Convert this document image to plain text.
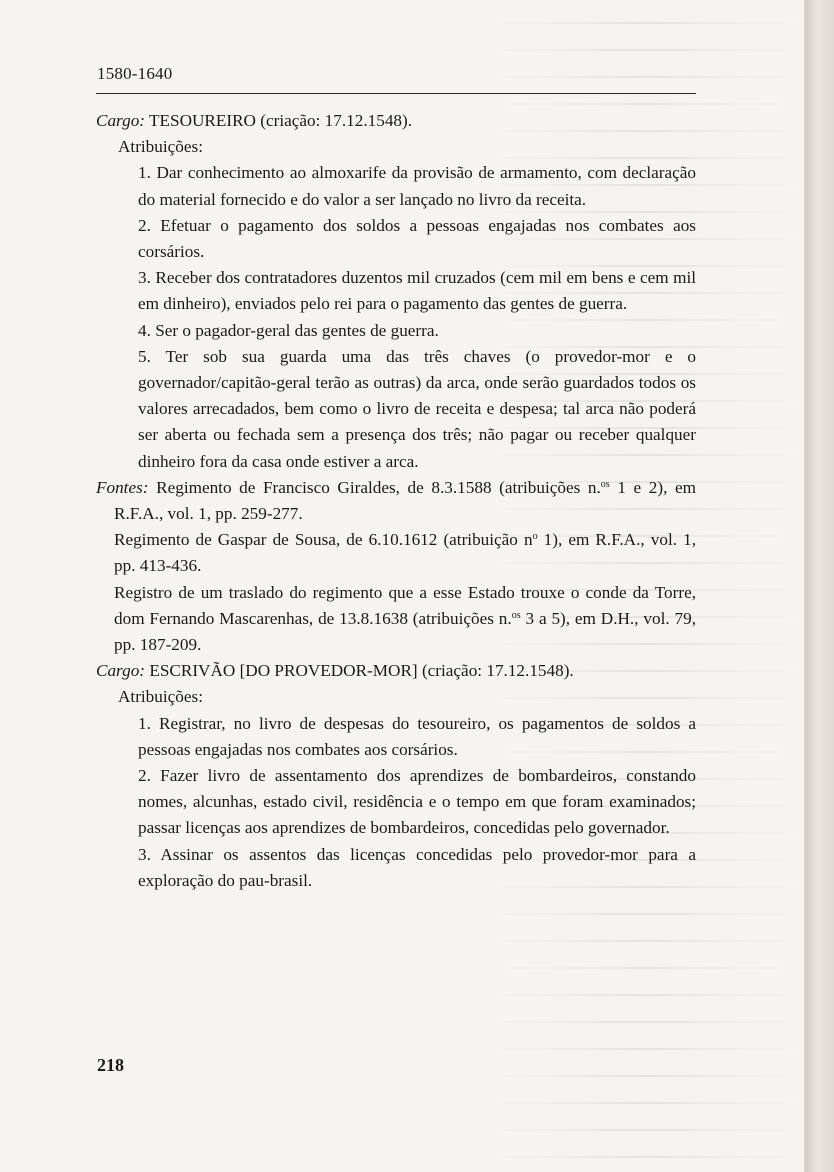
1580-1640

Cargo: TESOUREIRO (criação: 17.12.1548).

Atribuições:

1. Dar conhecimento ao almoxarife da provisão de armamento, com declaração do material fornecido e do valor a ser lançado no livro da receita.

2. Efetuar o pagamento dos soldos a pessoas engajadas nos combates aos corsários.

3. Receber dos contratadores duzentos mil cruzados (cem mil em bens e cem mil em dinheiro), enviados pelo rei para o pagamento das gentes de guerra.

4. Ser o pagador-geral das gentes de guerra.

5. Ter sob sua guarda uma das três chaves (o provedor-mor e o governador/capitão-geral terão as outras) da arca, onde serão guardados todos os valores arrecadados, bem como o livro de receita e despesa; tal arca não poderá ser aberta ou fechada sem a presença dos três; não pagar ou receber qualquer dinheiro fora da casa onde estiver a arca.

Fontes: Regimento de Francisco Giraldes, de 8.3.1588 (atribuições n.$^{os}$ 1 e 2), em R.F.A., vol. 1, pp. 259-277.

Regimento de Gaspar de Sousa, de 6.10.1612 (atribuição $n^o$ 1), em R.F.A., vol. 1, pp. 413-436.

Registro de um traslado do regimento que a esse Estado trouxe o conde da Torre, dom Fernando Mascarenhas, de 13.8.1638 (atribuições n.$^{os}$ 3 a 5), em D.H., vol. 79, pp. 187-209.

Cargo: ESCRIVÃO [DO PROVEDOR-MOR] (criação: 17.12.1548).

Atribuições:

1. Registrar, no livro de despesas do tesoureiro, os pagamentos de soldos a pessoas engajadas nos combates aos corsários.

2. Fazer livro de assentamento dos aprendizes de bombardeiros, constando nomes, alcunhas, estado civil, residência e o tempo em que foram examinados; passar licenças aos aprendizes de bombardeiros, concedidas pelo governador.

3. Assinar os assentos das licenças concedidas pelo provedor-mor para a exploração do pau-brasil.

218
